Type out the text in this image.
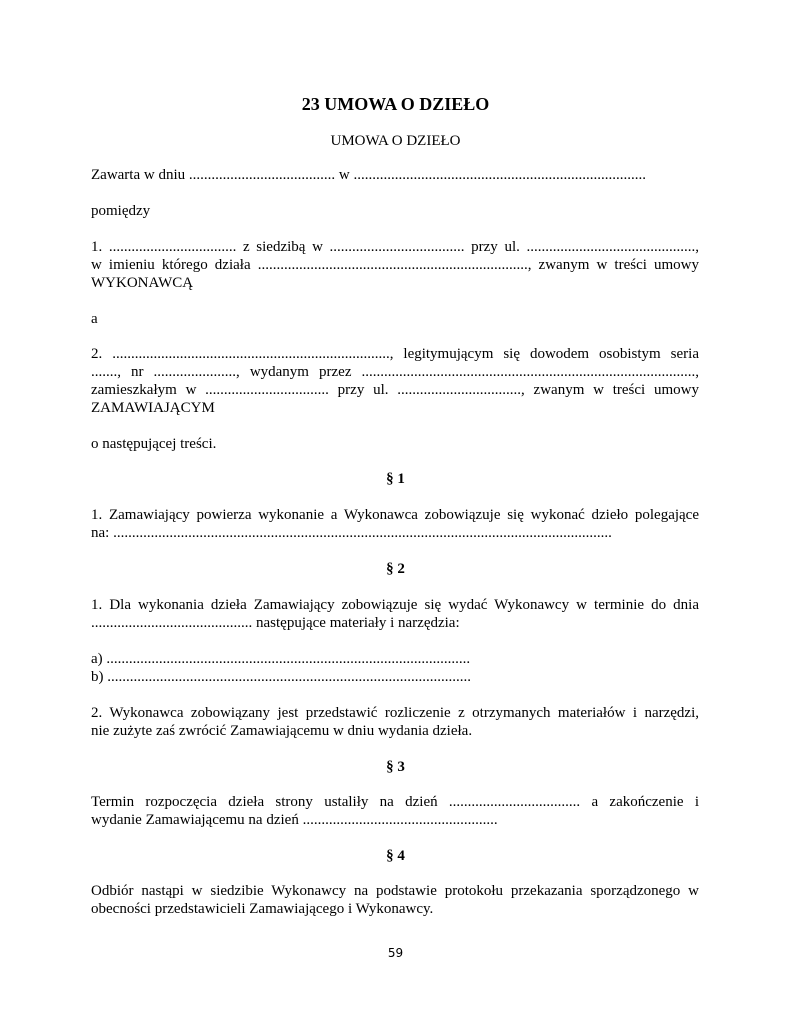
23 UMOWA O DZIEŁO
UMOWA O DZIEŁO
Zawarta w dniu ....................................... w ..............................................................................
pomiędzy
1. .................................. z siedzibą w .................................... przy ul. .............................................,
w imieniu którego działa ........................................................................, zwanym w treści umowy
WYKONAWCĄ
a
2. .........................................................................., legitymującym się dowodem osobistym seria
......., nr ......................, wydanym przez .........................................................................................,
zamieszkałym w ................................. przy ul. ................................., zwanym w treści umowy
ZAMAWIAJĄCYM
o następującej treści.
§ 1
1. Zamawiający powierza wykonanie a Wykonawca zobowiązuje się wykonać dzieło polegające
na: .....................................................................................................................................
§ 2
1. Dla wykonania dzieła Zamawiający zobowiązuje się wydać Wykonawcy w terminie do dnia
........................................... następujące materiały i narzędzia:
a) .................................................................................................
b) .................................................................................................
2. Wykonawca zobowiązany jest przedstawić rozliczenie z otrzymanych materiałów i narzędzi,
nie zużyte zaś zwrócić Zamawiającemu w dniu wydania dzieła.
§ 3
Termin rozpoczęcia dzieła strony ustaliły na dzień ................................... a zakończenie i
wydanie Zamawiającemu na dzień ....................................................
§ 4
Odbiór nastąpi w siedzibie Wykonawcy na podstawie protokołu przekazania sporządzonego w
obecności przedstawicieli Zamawiającego i Wykonawcy.
59
